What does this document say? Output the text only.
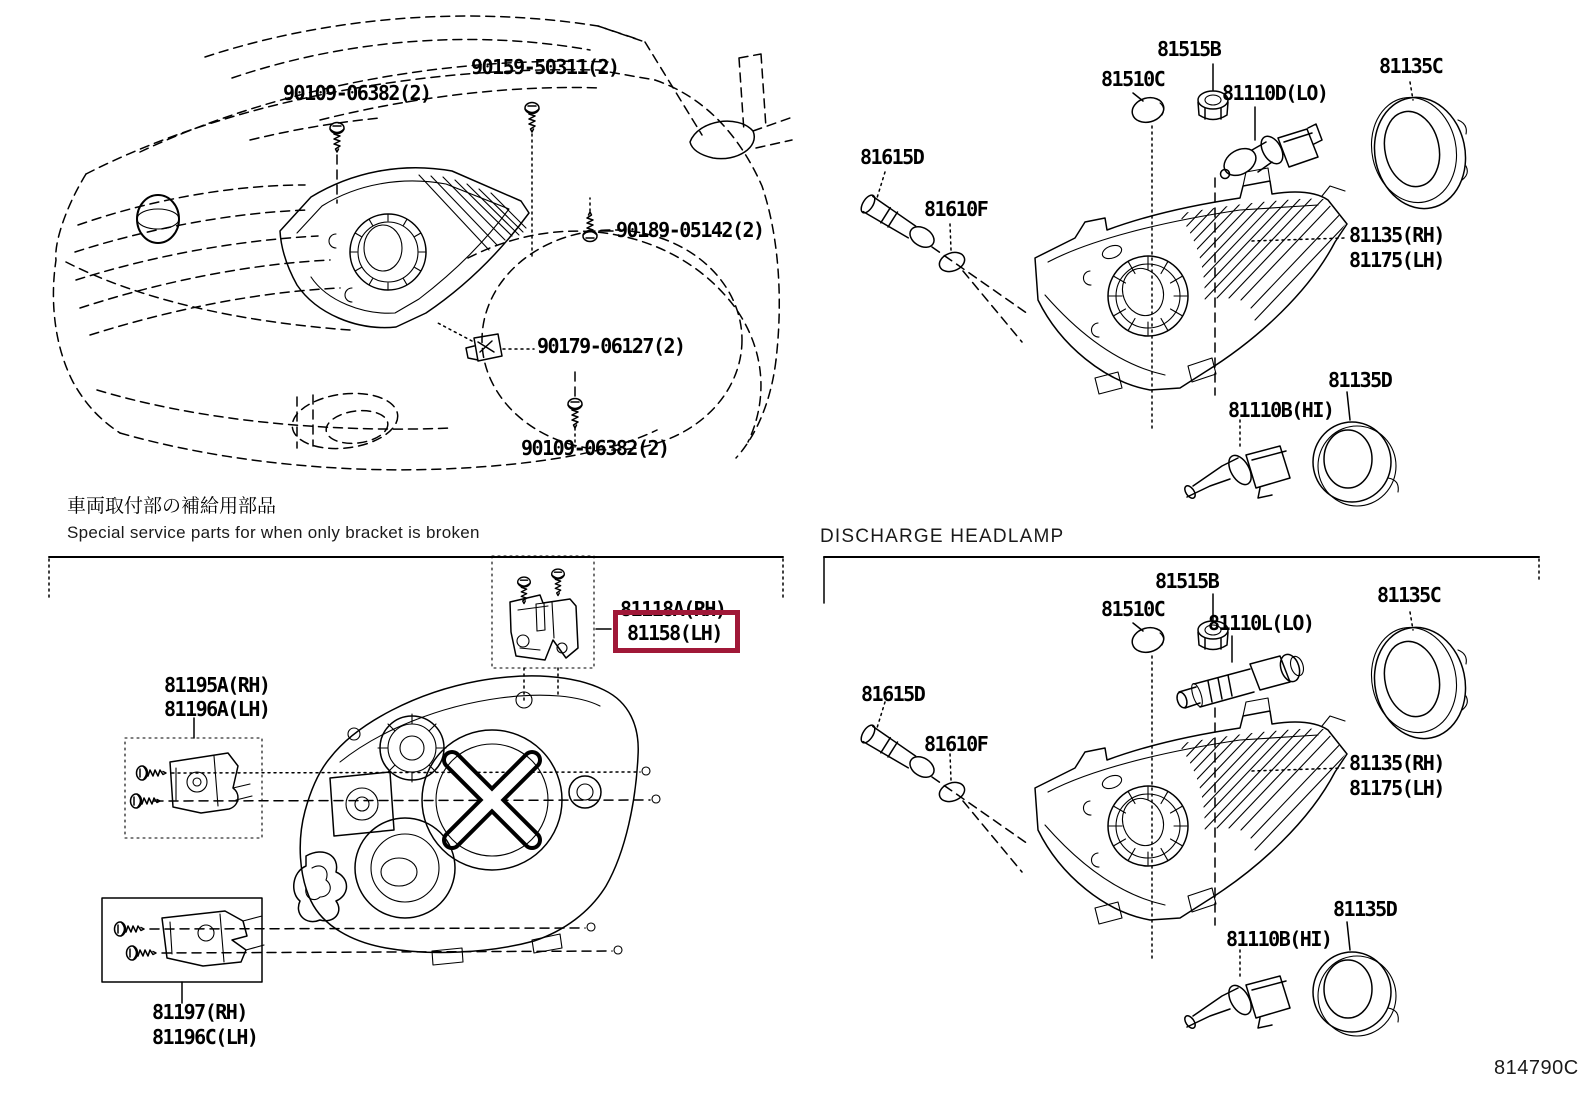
90109-06382(2)
90159-50311(2)
90189-05142(2)
90179-06127(2)
90109-06382(2)
車両取付部の補給用部品
Special service parts for when only bracket is broken
81118A(RH)
81158(LH)
81195A(RH)
81196A(LH)
81197(RH)
81196C(LH)
81515B
81510C
81110D(LO)
81135C
81615D
81610F
81135(RH)
81175(LH)
81135D
81110B(HI)
DISCHARGE HEADLAMP
81515B
81510C
81110L(LO)
81135C
81615D
81610F
81135(RH)
81175(LH)
81135D
81110B(HI)
814790C
